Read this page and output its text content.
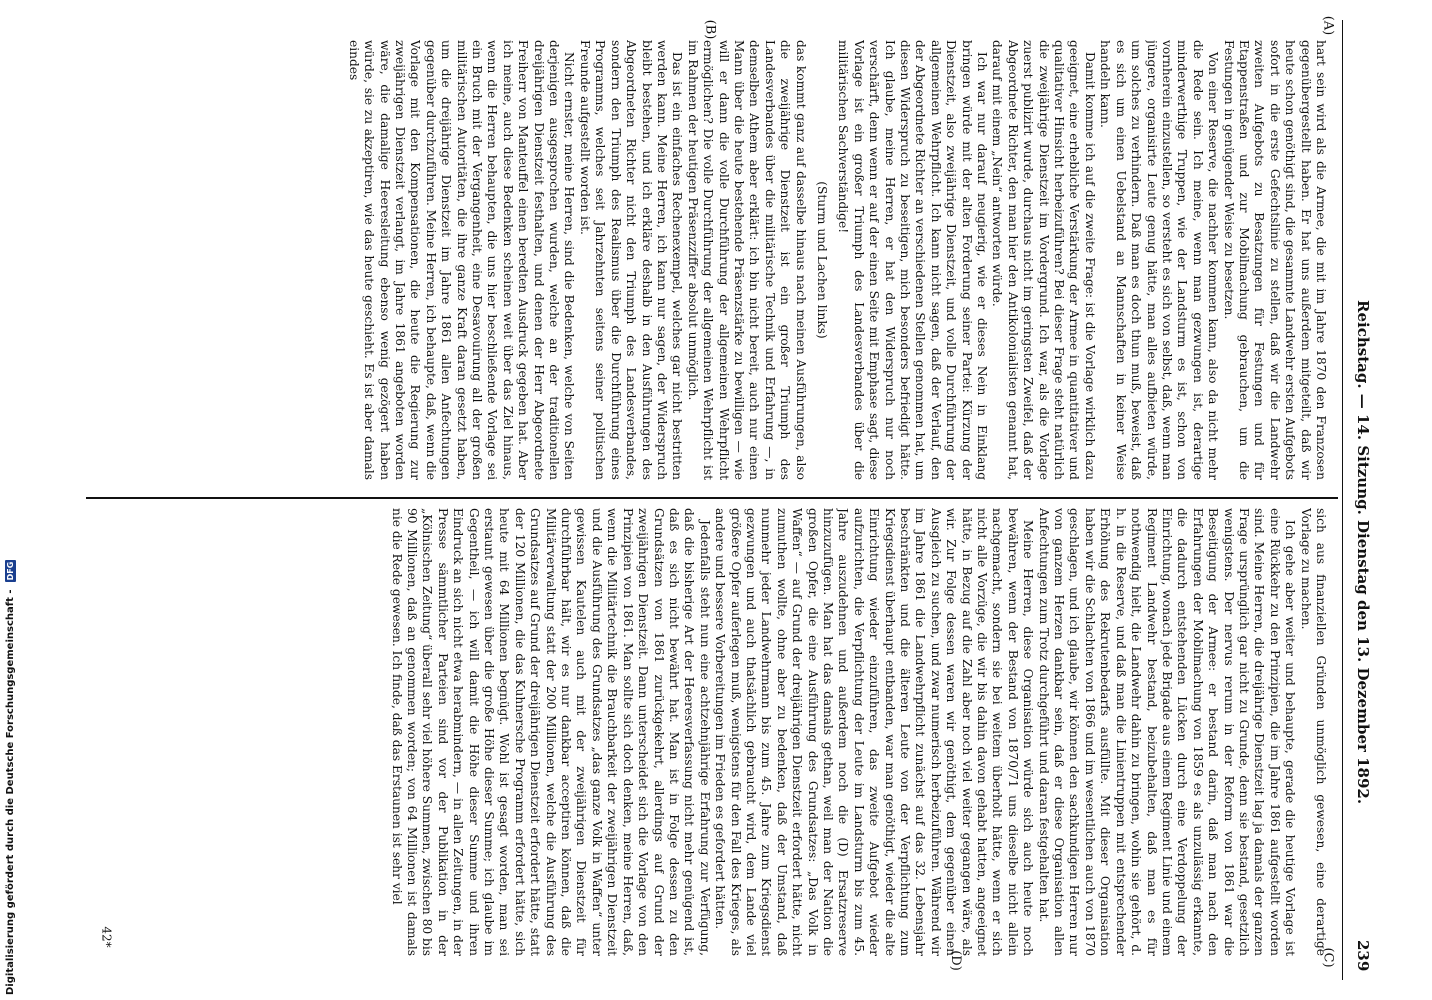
Reichstag. — 14. Sitzung. Dienstag den 13. Dezember 1892.
239
(A)
(B)
(C)
(D)

hart sein wird als die Armee, die mit im Jahre 1870 den Franzosen gegenübergestellt haben. Er hat uns außerdem mitgeteilt, daß wir heute schon genöthigt sind, die gesammte Landwehr ersten Aufgebots sofort in die erste Gefechtslinie zu stellen, daß wir die Landwehr zweiten Aufgebots zu Besatzungen für Festungen und für Etappenstraßen und zur Mobilmachung gebrauchen, um die Festungen in genügender Weise zu besetzen.

Von einer Reserve, die nachher kommen kann, also da nicht mehr die Rede sein. Ich meine, wenn man gezwungen ist, derartige minderwerthige Truppen, wie der Landsturm es ist, schon von vornherein einzustellen, so versteht es sich von selbst, daß, wenn man jüngere, organisirte Leute genug hätte, man alles aufbieten würde, um solches zu verhindern. Daß man es doch thun muß, beweist, daß es sich um einen Uebelstand an Mannschaften in keiner Weise handeln kann.

Damit komme ich auf die zweite Frage: ist die Vorlage wirklich dazu geeignet, eine erhebliche Verstärkung der Armee in quantitativer und qualitativer Hinsicht herbeizuführen? Bei dieser Frage steht natürlich die zweijährige Dienstzeit im Vordergrund. Ich war, als die Vorlage zuerst publizirt wurde, durchaus nicht im geringsten Zweifel, daß der Abgeordnete Richter, den man hier den Antikolonialisten genannt hat, darauf mit einem „Nein“ antworten würde.

Ich war nur darauf neugierig, wie er dieses Nein in Einklang bringen würde mit der alten Forderung seiner Partei: Kürzung der Dienstzeit, also zweijährige Dienstzeit, und volle Durchführung der allgemeinen Wehrpflicht. Ich kann nicht sagen, daß der Verlauf, den der Abgeordnete Richter an verschiedenen Stellen genommen hat, um diesen Widerspruch zu beseitigen, mich besonders befriedigt hätte. Ich glaube, meine Herren, er hat den Widerspruch nur noch verschärft, denn wenn er auf der einen Seite mit Emphase sagt, diese Vorlage ist ein großer Triumph des Landesverbandes über die militärischen Sachverständige!

(Sturm und Lachen links)

das kommt ganz auf dasselbe hinaus nach meinen Ausführungen, also die zweijährige Dienstzeit ist ein großer Triumph des Landesverbandes über die militärische Technik und Erfahrung —, in demselben Athem aber erklärt: ich bin nicht bereit, auch nur einen Mann über die heute bestehende Präsenzstärke zu bewilligen — wie will er dann die volle Durchführung der allgemeinen Wehrpflicht ermöglichen? Die volle Durchführung der allgemeinen Wehrpflicht ist im Rahmen der heutigen Präsenzziffer absolut unmöglich.

Das ist ein einfaches Rechenexempel, welches gar nicht bestritten werden kann. Meine Herren, ich kann nur sagen, der Widerspruch bleibt bestehen, und ich erkläre deshalb in den Ausführungen des Abgeordneten Richter nicht den Triumph des Landesverbandes, sondern den Triumph des Realismus über die Durchführung eines Programms, welches seit Jahrzehnten seitens seiner politischen Freunde aufgestellt worden ist.

Nicht ernster, meine Herren, sind die Bedenken, welche von Seiten derjenigen ausgesprochen wurden, welche an der traditionellen dreijährigen Dienstzeit festhalten, und denen der Herr Abgeordnete Freiherr von Manteuffel einen beredten Ausdruck gegeben hat. Aber ich meine, auch diese Bedenken scheinen weit über das Ziel hinaus, wenn die Herren behaupten, die uns hier beschließende Vorlage sei ein Bruch mit der Vergangenheit, eine Desavouirung all der großen militärischen Autoritäten, die ihre ganze Kraft daran gesetzt haben, um die dreijährige Dienstzeit im Jahre 1861 allen Anfechtungen gegenüber durchzuführen. Meine Herren, ich behaupte, daß, wenn die Vorlage mit den Kompensationen, die heute die Regierung zur zweijährigen Dienstzeit verlangt, im Jahre 1861 angeboten worden wäre, die damalige Heeresleitung ebenso wenig gezögert haben würde, sie zu akzeptiren, wie das heute geschieht. Es ist aber damals eindes

sich aus finanziellen Gründen unmöglich gewesen, eine derartige Vorlage zu machen.

Ich gehe aber weiter und behaupte, gerade die heutige Vorlage ist eine Rückkehr zu den Prinzipien, die im Jahre 1861 aufgestellt worden sind. Meine Herren, die dreijährige Dienstzeit lag ja damals der ganzen Frage ursprünglich gar nicht zu Grunde, denn sie bestand, gesetzlich wenigstens. Der nervus rerum in der Reform von 1861 war die Beseitigung der Armee: er bestand darin, daß man nach den Erfahrungen der Mobilmachung von 1859 es als unzulässig erkannte, die dadurch entstehenden Lücken durch eine Verdoppelung der Einrichtung, wonach jede Brigade aus einem Regiment Linie und einem Regiment Landwehr bestand, beizubehalten, daß man es für nothwendig hielt, die Landwehr dahin zu bringen, wohin sie gehört, d. h. in die Reserve, und daß man die Linientruppen mit entsprechender Erhöhung des Rekrutenbedarfs ausfüllte. Mit dieser Organisation haben wir die Schlachten von 1866 und im wesentlichen auch von 1870 geschlagen, und ich glaube, wir können den sachkundigen Herren nur von ganzem Herzen dankbar sein, daß er diese Organisation allen Anfechtungen zum Trotz durchgeführt und daran festgehalten hat.

Meine Herren, diese Organisation würde sich auch heute noch bewähren, wenn der Bestand von 1870/71 uns dieselbe nicht allein nachgemacht, sondern sie bei weitem überholt hätte, wenn er sich nicht alle Vorzüge, die wir bis dahin davon gehabt hatten, angeeignet hätte, in Bezug auf die Zahl aber noch viel weiter gegangen wäre, als wir. Zur Folge dessen waren wir genöthigt, dem gegenüber einen Ausgleich zu suchen, und zwar numerisch herbeizuführen. Während wir im Jahre 1861 die Landwehrpflicht zunächst auf das 32. Lebensjahr beschränkten und die älteren Leute von der Verpflichtung zum Kriegsdienst überhaupt entbanden, war man genöthigt, wieder die alte Einrichtung wieder einzuführen, das zweite Aufgebot wieder aufzurichten, die Verpflichtung der Leute im Landsturm bis zum 45. Jahre auszudehnen und außerdem noch die (D) Ersatzreserve hinzuzufügen. Man hat das damals gethan, weil man der Nation die großen Opfer, die eine Ausführung des Grundsatzes: „Das Volk in Waffen“ — auf Grund der dreijährigen Dienstzeit erfordert hätte, nicht zumuthen wollte, ohne aber zu bedenken, daß der Umstand, daß nunmehr jeder Landwehrmann bis zum 45. Jahre zum Kriegsdienst gezwungen und auch thatsächlich gebraucht wird, dem Lande viel größere Opfer auferlegen muß, wenigstens für den Fall des Krieges, als andere und bessere Vorbereitungen im Frieden es gefordert hätten.

Jedenfalls steht nun eine achtzehnjährige Erfahrung zur Verfügung, daß die bisherige Art der Heeresverfassung nicht mehr genügend ist, daß es sich nicht bewährt hat. Man ist in Folge dessen zu den Grundsätzen von 1861 zurückgekehrt, allerdings auf Grund der zweijährigen Dienstzeit. Dann unterscheidet sich die Vorlage von den Prinzipien von 1861. Man sollte sich doch denken, meine Herren, daß, wenn die Militärtechnik die Brauchbarkeit der zweijährigen Dienstzeit und die Ausführung des Grundsatzes „das ganze Volk in Waffen“ unter gewissen Kautelen auch mit der zweijährigen Dienstzeit für durchführbar hält, wir es nur dankbar acceptiren können, daß die Militärverwaltung statt der 200 Millionen, welche die Ausführung des Grundsatzes auf Grund der dreijährigen Dienstzeit erfordert hätte, statt der 120 Millionen, die das Kuhnersche Programm erfordert hätte, sich heute mit 64 Millionen begnügt. Wohl ist gesagt worden, man sei erstaunt gewesen über die große Höhe dieser Summe; ich glaube im Gegentheil, — ich will damit die Höhe dieser Summe und ihren Eindruck an sich nicht etwa herabmindern, — in allen Zeitungen, in der Presse sämmtlicher Parteien sind vor der Publikation in der „Kölnischen Zeitung“ überall sehr viel höhere Summen, zwischen 80 bis 90 Millionen, daß an genommen worden; von 64 Millionen ist damals nie die Rede gewesen. Ich finde, daß das Erstaunen ist sehr viel

42*
Digitalisierung gefördert durch die Deutsche Forschungsgemeinschaft - DFG
